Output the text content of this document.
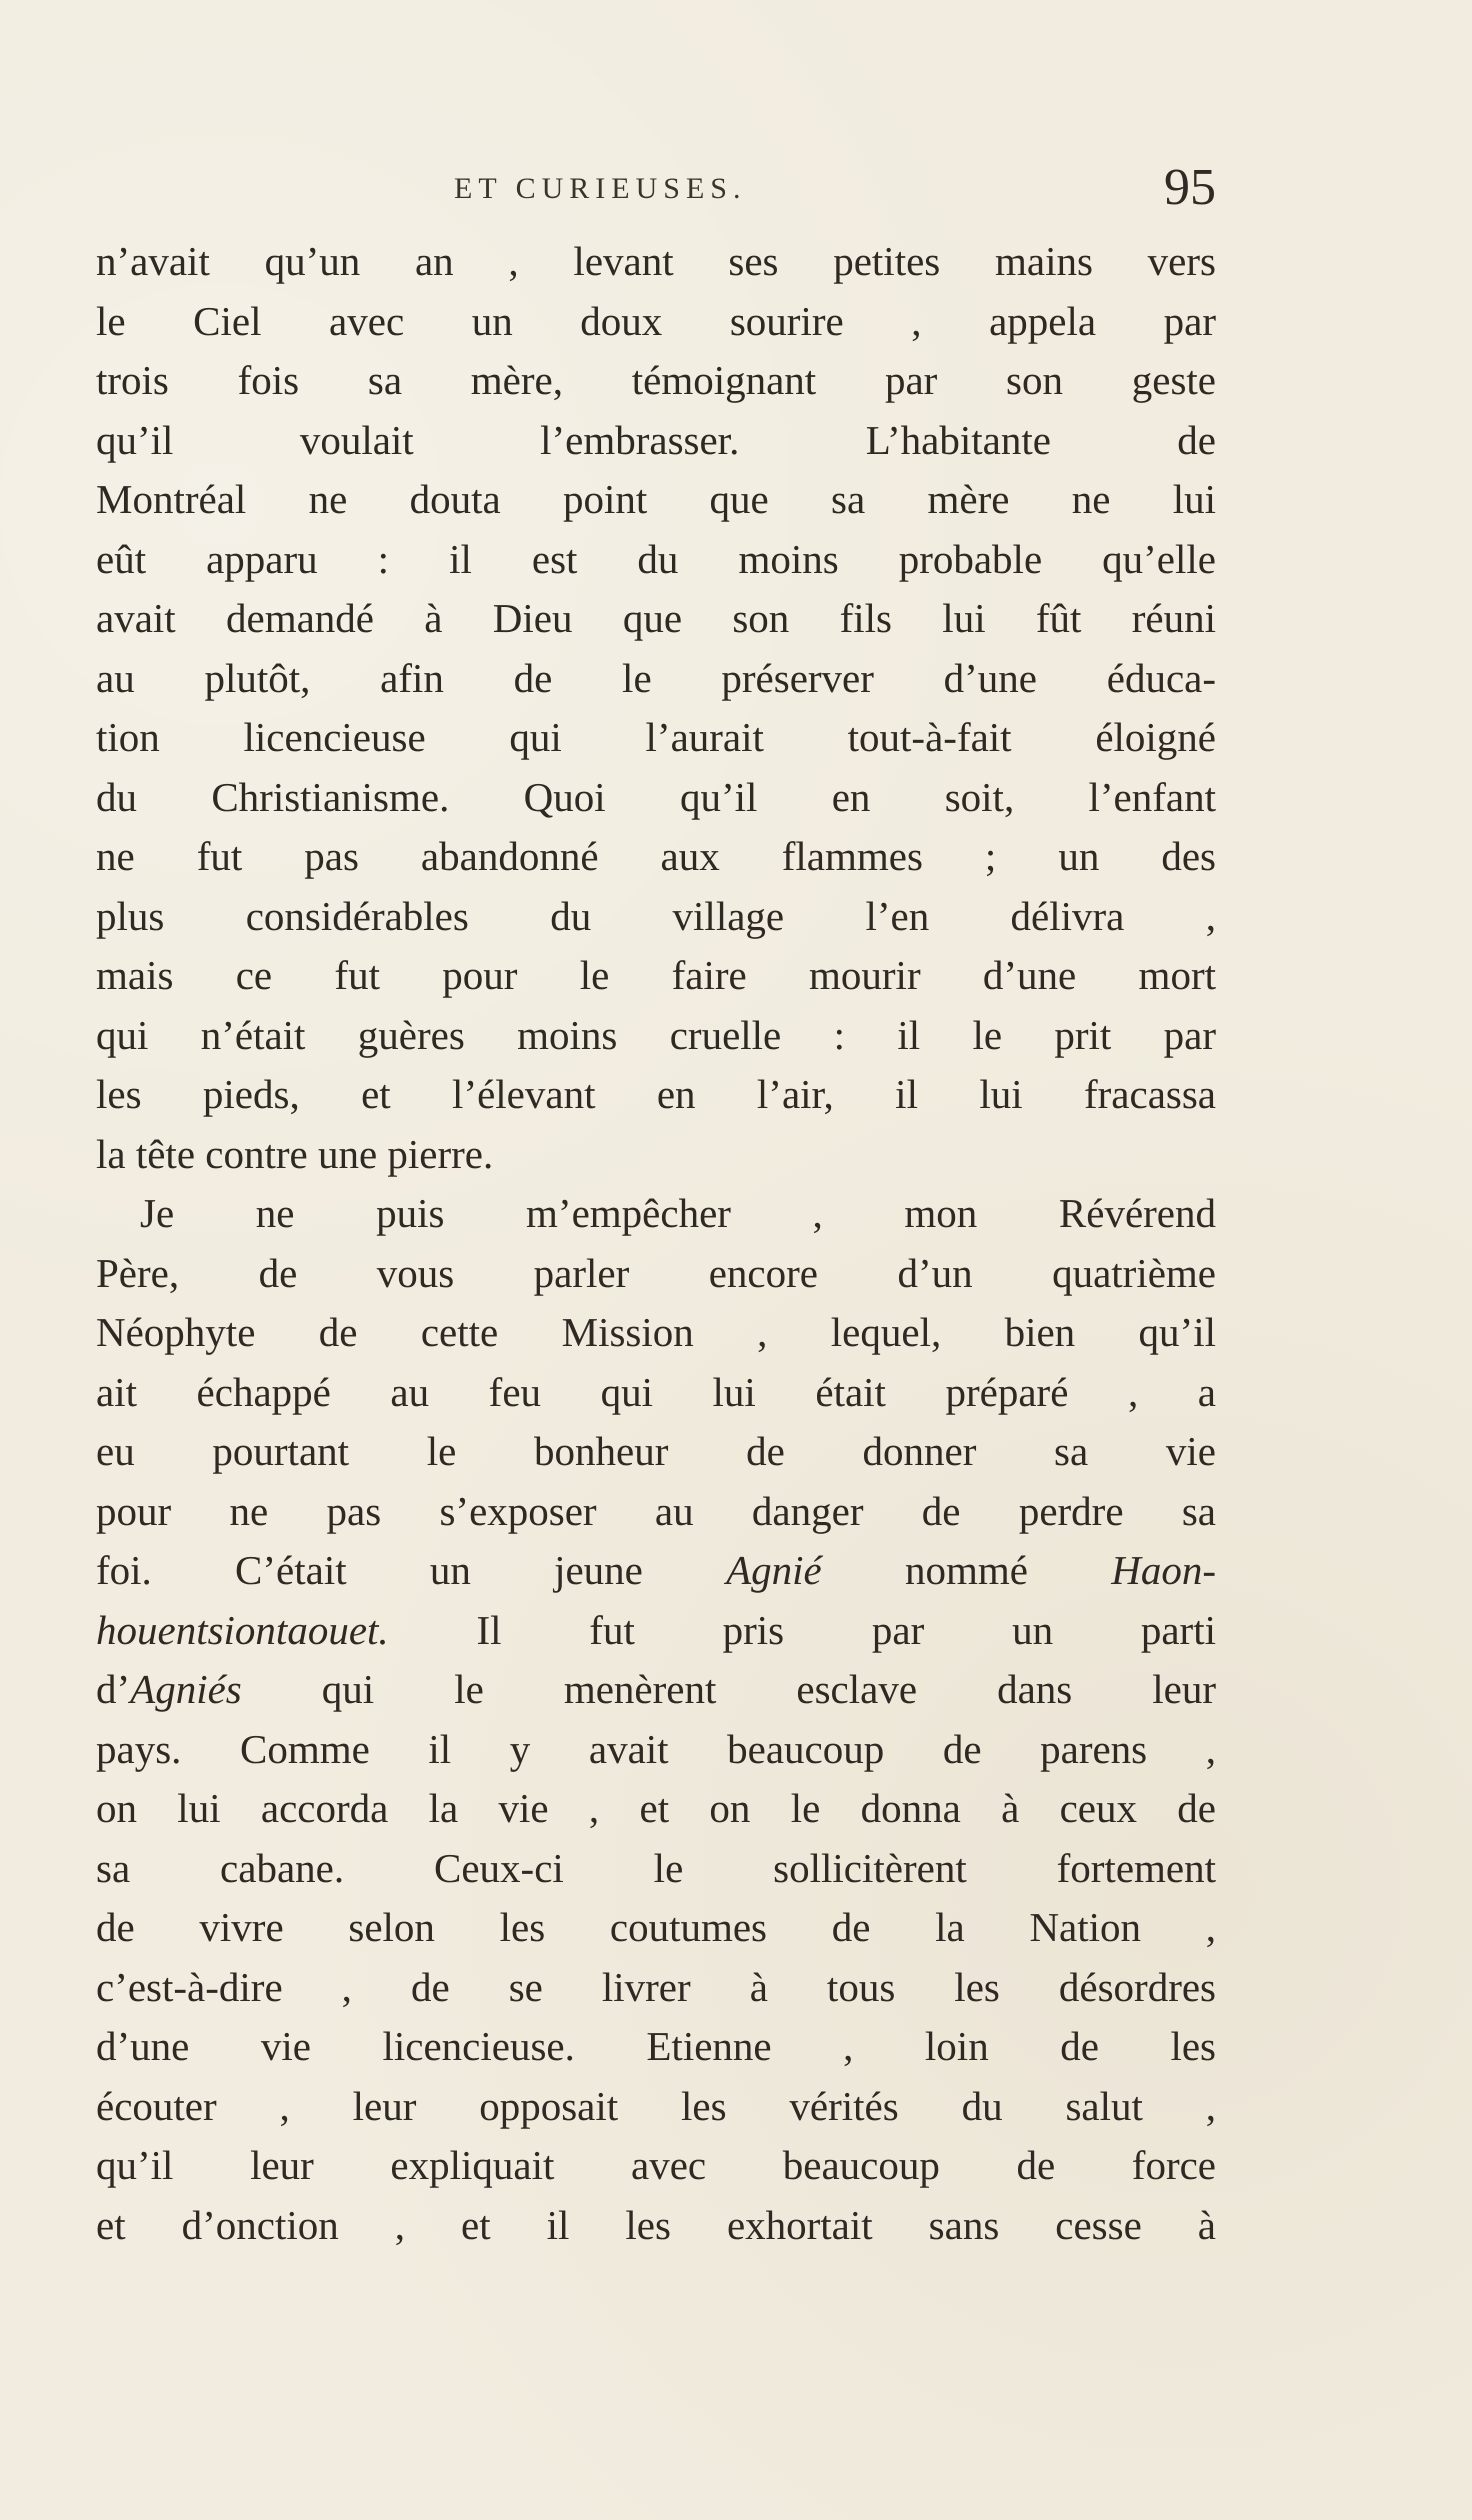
ET CURIEUSES.	95
n’avait qu’un an , levant ses petites mains vers
le Ciel avec un doux sourire , appela par
trois fois sa mère, témoignant par son geste
qu’il voulait l’embrasser. L’habitante de
Montréal ne douta point que sa mère ne lui
eût apparu : il est du moins probable qu’elle
avait demandé à Dieu que son fils lui fût réuni
au plutôt, afin de le préserver d’une éduca-
tion licencieuse qui l’aurait tout-à-fait éloigné
du Christianisme. Quoi qu’il en soit, l’enfant
ne fut pas abandonné aux flammes ; un des
plus considérables du village l’en délivra ,
mais ce fut pour le faire mourir d’une mort
qui n’était guères moins cruelle : il le prit par
les pieds, et l’élevant en l’air, il lui fracassa
la tête contre une pierre.
Je ne puis m’empêcher , mon Révérend
Père, de vous parler encore d’un quatrième
Néophyte de cette Mission , lequel, bien qu’il
ait échappé au feu qui lui était préparé , a
eu pourtant le bonheur de donner sa vie
pour ne pas s’exposer au danger de perdre sa
foi. C’était un jeune Agnié nommé Haon-
houentsiontaouet. Il fut pris par un parti
d’Agniés qui le menèrent esclave dans leur
pays. Comme il y avait beaucoup de parens ,
on lui accorda la vie , et on le donna à ceux de
sa cabane. Ceux-ci le sollicitèrent fortement
de vivre selon les coutumes de la Nation ,
c’est-à-dire , de se livrer à tous les désordres
d’une vie licencieuse. Etienne , loin de les
écouter , leur opposait les vérités du salut ,
qu’il leur expliquait avec beaucoup de force
et d’onction , et il les exhortait sans cesse à
